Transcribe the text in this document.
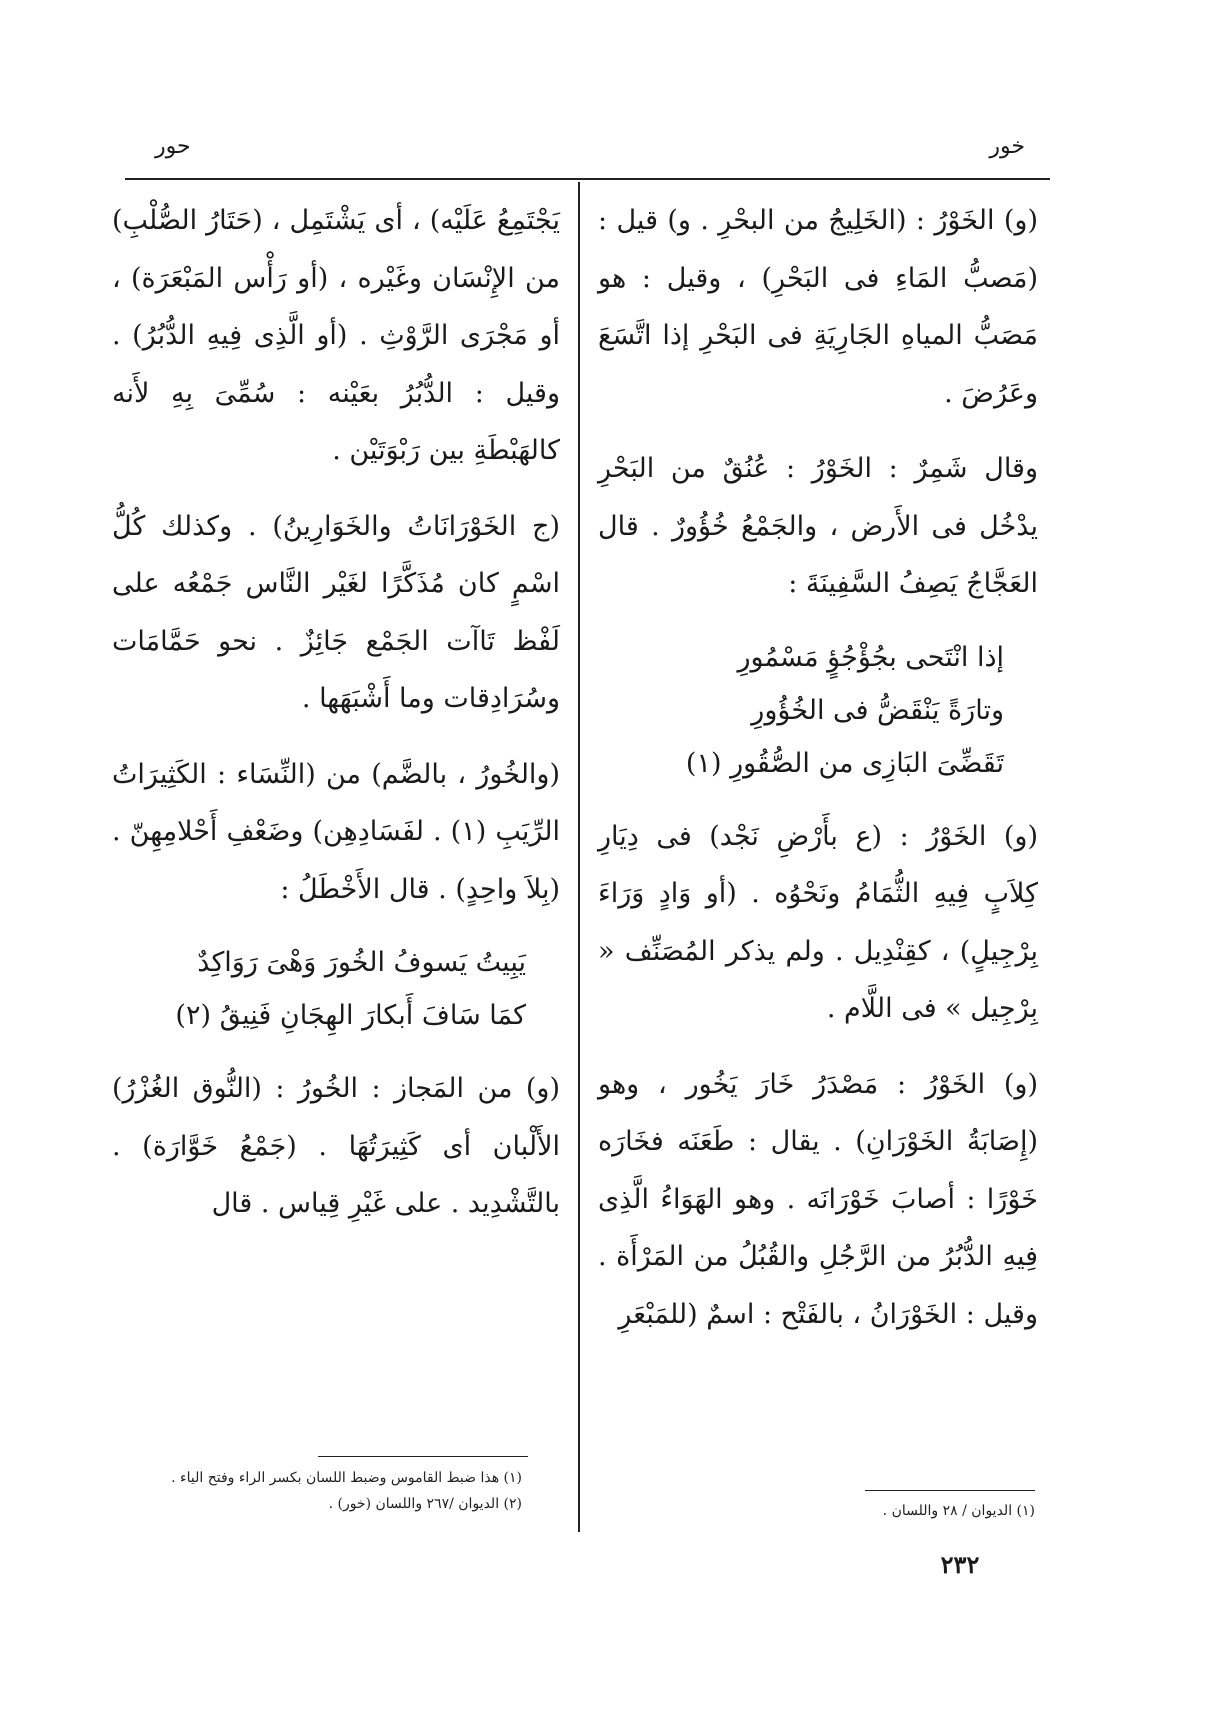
خور
حور

(و) الخَوْرُ : (الخَلِيجُ من البحْرِ . و) قيل : (مَصبُّ المَاءِ فى البَحْرِ) ، وقيل : هو مَصَبُّ المياهِ الجَارِيَةِ فى البَحْرِ إذا اتَّسَعَ وعَرُضَ .

وقال شَمِرٌ : الخَوْرُ : عُنُقٌ من البَحْرِ يدْخُل فى الأَرض ، والجَمْعُ خُؤُورٌ . قال العَجَّاجُ يَصِفُ السَّفِينَةَ :

إذا انْتَحى بجُؤْجُؤٍ مَسْمُورِ
وتارَةً يَنْقَضُّ فى الخُؤُورِ
تَقَضِّىَ البَازِى من الصُّقُورِ (١)

(و) الخَوْرُ : (ع بأَرْضِ نَجْد) فى دِيَارِ كِلاَبٍ فِيهِ الثُّمَامُ ونَحْوُه . (أو وَادٍ وَرَاءَ بِرْجِيلٍ) ، كقِنْدِيل . ولم يذكر المُصَنِّف « بِرْجِيل » فى اللَّام .

(و) الخَوْرُ : مَصْدَرُ خَارَ يَخُور ، وهو (إِصَابَةُ الخَوْرَانِ) . يقال : طَعَنَه فخَارَه خَوْرًا : أصابَ خَوْرَانَه . وهو الهَوَاءُ الَّذِى فِيهِ الدُّبُرُ من الرَّجُلِ والقُبُلُ من المَرْأَة . وقيل : الخَوْرَانُ ، بالفَتْح : اسمٌ (للمَبْعَرِ

يَجْتَمِعُ عَلَيْه) ، أى يَشْتَمِل ، (حَتَارُ الصُّلْبِ) من الإِنْسَان وغَيْره ، (أو رَأْس المَبْعَرَة) ، أو مَجْرَى الرَّوْثِ . (أو الَّذِى فِيهِ الدُّبُرُ) . وقيل : الدُّبُرُ بعَيْنه : سُمِّىَ بِهِ لأَنه كالهَبْطَةِ بين رَبْوَتَيْن .

(ج الخَوْرَانَاتُ والخَوَارِينُ) . وكذلك كُلُّ اسْمٍ كان مُذَكَّرًا لغَيْر النَّاس جَمْعُه على لَفْظ تَاآت الجَمْع جَائِزٌ . نحو حَمَّامَات وسُرَادِقات وما أَشْبَهَها .

(والخُورُ ، بالضَّم) من (النِّسَاء : الكَثِيرَاتُ الرِّيَبِ (١) . لفَسَادِهِن) وضَعْفِ أَحْلامِهِنّ . (بِلاَ واحِدٍ) . قال الأَخْطَلُ :

يَبِيتُ يَسوفُ الخُورَ وَهْىَ رَوَاكِدٌ
كمَا سَافَ أَبكارَ الهِجَانِ فَنِيقُ (٢)

(و) من المَجاز : الخُورُ : (النُّوق الغُزْرُ) الأَلْبان أى كَثِيرَتُهَا . (جَمْعُ خَوَّارَة) . بالتَّشْدِيد . على غَيْرِ قِياس . قال

(١) هذا ضبط القاموس وضبط اللسان بكسر الراء وفتح الياء .
(٢) الديوان /٢٦٧ واللسان (خور) .	(١) الديوان / ٢٨ واللسان .
٢٣٢
